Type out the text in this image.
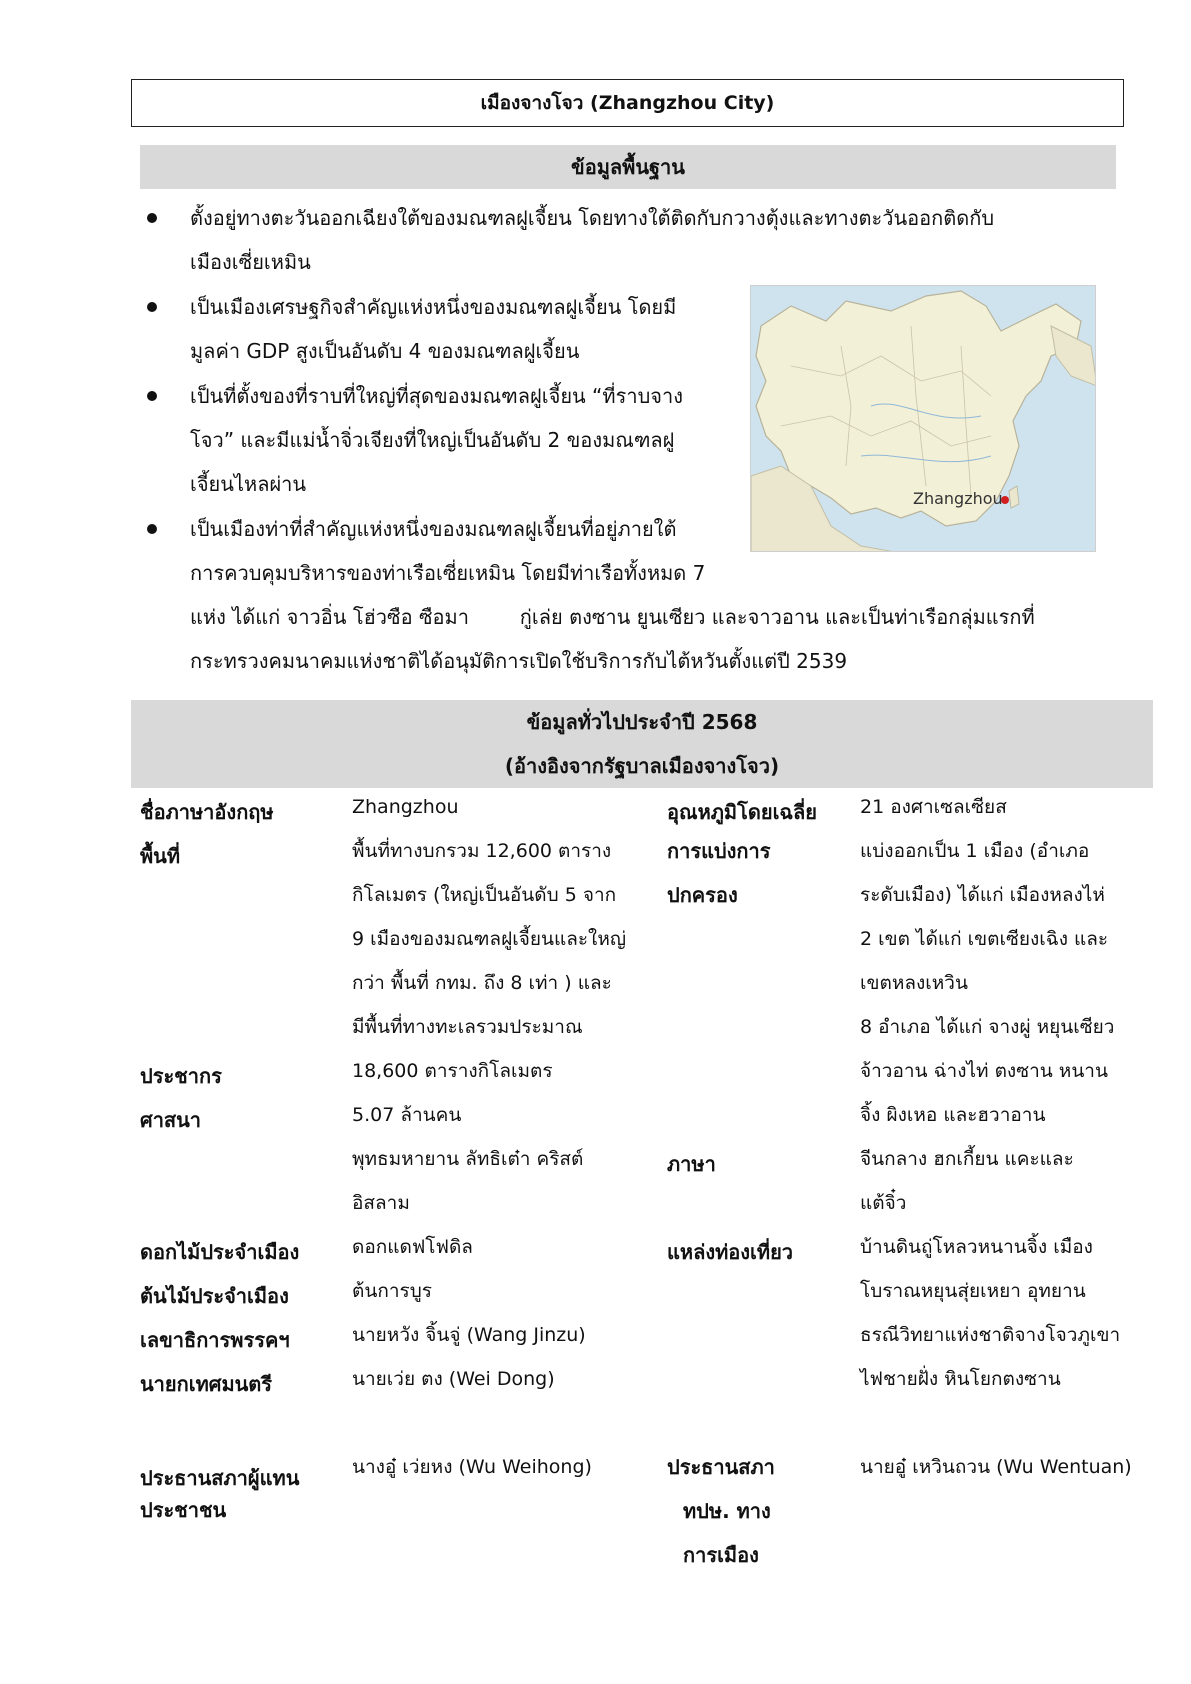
เมืองจางโจว (Zhangzhou City)
ข้อมูลพื้นฐาน
ตั้งอยู่ทางตะวันออกเฉียงใต้ของมณฑลฝูเจี้ยน โดยทางใต้ติดกับกวางตุ้งและทางตะวันออกติดกับ
เมืองเซี่ยเหมิน
เป็นเมืองเศรษฐกิจสำคัญแห่งหนึ่งของมณฑลฝูเจี้ยน โดยมี
มูลค่า GDP สูงเป็นอันดับ 4 ของมณฑลฝูเจี้ยน
เป็นที่ตั้งของที่ราบที่ใหญ่ที่สุดของมณฑลฝูเจี้ยน “ที่ราบจาง
โจว” และมีแม่น้ำจิ่วเจียงที่ใหญ่เป็นอันดับ 2 ของมณฑลฝู
เจี้ยนไหลผ่าน
เป็นเมืองท่าที่สำคัญแห่งหนึ่งของมณฑลฝูเจี้ยนที่อยู่ภายใต้
การควบคุมบริหารของท่าเรือเซี่ยเหมิน โดยมีท่าเรือทั้งหมด 7
แห่ง ได้แก่ จาวอิ่น โฮ่วซือ ซือมา        กู่เล่ย ตงซาน ยูนเซียว และจาวอาน และเป็นท่าเรือกลุ่มแรกที่
กระทรวงคมนาคมแห่งชาติได้อนุมัติการเปิดใช้บริการกับไต้หวันตั้งแต่ปี 2539
Zhangzhou
ข้อมูลทั่วไปประจำปี 2568
(อ้างอิงจากรัฐบาลเมืองจางโจว)
ชื่อภาษาอังกฤษ
พื้นที่
ประชากร
ศาสนา
ดอกไม้ประจำเมือง
ต้นไม้ประจำเมือง
เลขาธิการพรรคฯ
นายกเทศมนตรี
ประธานสภาผู้แทน
ประชาชน
Zhangzhou
พื้นที่ทางบกรวม 12,600 ตาราง
กิโลเมตร (ใหญ่เป็นอันดับ 5 จาก
9 เมืองของมณฑลฝูเจี้ยนและใหญ่
กว่า พื้นที่ กทม. ถึง 8 เท่า ) และ
มีพื้นที่ทางทะเลรวมประมาณ
18,600 ตารางกิโลเมตร
5.07 ล้านคน
พุทธมหายาน ลัทธิเต๋า คริสต์
อิสลาม
ดอกแดฟโฟดิล
ต้นการบูร
นายหวัง จิ้นจู่ (Wang Jinzu)
นายเว่ย ตง (Wei Dong)
นางอู๋ เว่ยหง (Wu Weihong)
อุณหภูมิโดยเฉลี่ย
การแบ่งการ
ปกครอง
ภาษา
แหล่งท่องเที่ยว
ประธานสภา
ทปษ. ทาง
การเมือง
21 องศาเซลเซียส
แบ่งออกเป็น 1 เมือง (อำเภอ
ระดับเมือง) ได้แก่ เมืองหลงไห่
2 เขต ได้แก่ เขตเซียงเฉิง และ
เขตหลงเหวิน
8 อำเภอ ได้แก่ จางผู่ หยุนเซียว
จ้าวอาน ฉ่างไท่ ตงซาน หนาน
จิ้ง ผิงเหอ และฮวาอาน
จีนกลาง ฮกเกี้ยน แคะและ
แต้จิ๋ว
บ้านดินถู่โหลวหนานจิ้ง เมือง
โบราณหยุนสุ่ยเหยา อุทยาน
ธรณีวิทยาแห่งชาติจางโจวภูเขา
ไฟชายฝั่ง หินโยกตงซาน
นายอู๋ เหวินถวน (Wu Wentuan)
